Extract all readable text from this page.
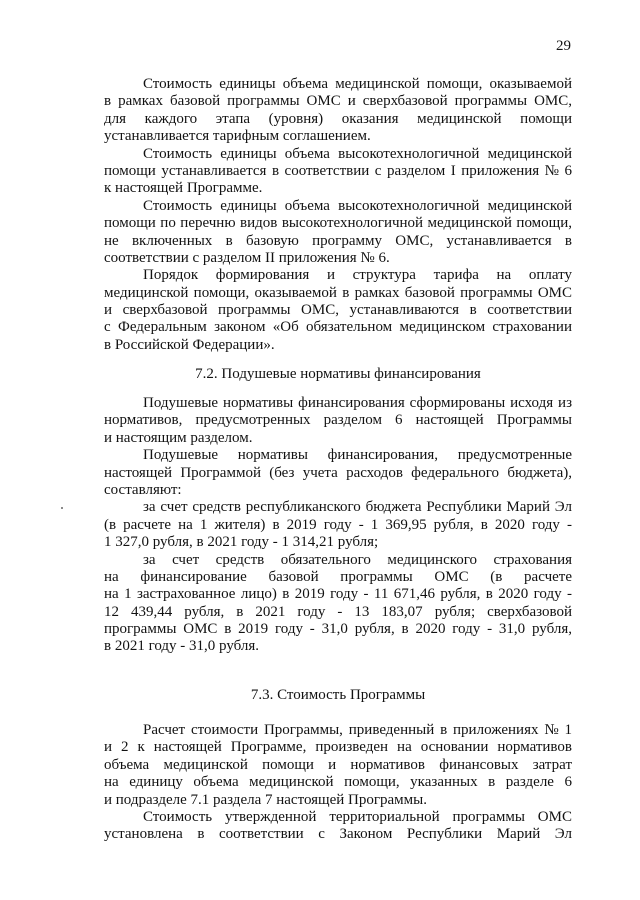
29
Стоимость единицы объема медицинской помощи, оказываемой
в рамках базовой программы ОМС и сверхбазовой программы ОМС,
для каждого этапа (уровня) оказания медицинской помощи
устанавливается тарифным соглашением.
Стоимость единицы объема высокотехнологичной медицинской
помощи устанавливается в соответствии с разделом I приложения № 6
к настоящей Программе.
Стоимость единицы объема высокотехнологичной медицинской
помощи по перечню видов высокотехнологичной медицинской помощи,
не включенных в базовую программу ОМС, устанавливается в
соответствии с разделом II приложения № 6.
Порядок формирования и структура тарифа на оплату
медицинской помощи, оказываемой в рамках базовой программы ОМС
и сверхбазовой программы ОМС, устанавливаются в соответствии
с Федеральным законом «Об обязательном медицинском страховании
в Российской Федерации».
7.2. Подушевые нормативы финансирования
Подушевые нормативы финансирования сформированы исходя из
нормативов, предусмотренных разделом 6 настоящей Программы
и настоящим разделом.
Подушевые нормативы финансирования, предусмотренные
настоящей Программой (без учета расходов федерального бюджета),
составляют:
за счет средств республиканского бюджета Республики Марий Эл
(в расчете на 1 жителя) в 2019 году - 1 369,95 рубля, в 2020 году -
1 327,0 рубля, в 2021 году - 1 314,21 рубля;
за счет средств обязательного медицинского страхования
на финансирование базовой программы ОМС (в расчете
на 1 застрахованное лицо) в 2019 году - 11 671,46 рубля, в 2020 году -
12 439,44 рубля, в 2021 году - 13 183,07 рубля; сверхбазовой
программы ОМС в 2019 году - 31,0 рубля, в 2020 году - 31,0 рубля,
в 2021 году - 31,0 рубля.
7.3. Стоимость Программы
Расчет стоимости Программы, приведенный в приложениях № 1
и 2 к настоящей Программе, произведен на основании нормативов
объема медицинской помощи и нормативов финансовых затрат
на единицу объема медицинской помощи, указанных в разделе 6
и подразделе 7.1 раздела 7 настоящей Программы.
Стоимость утвержденной территориальной программы ОМС
установлена в соответствии с Законом Республики Марий Эл
